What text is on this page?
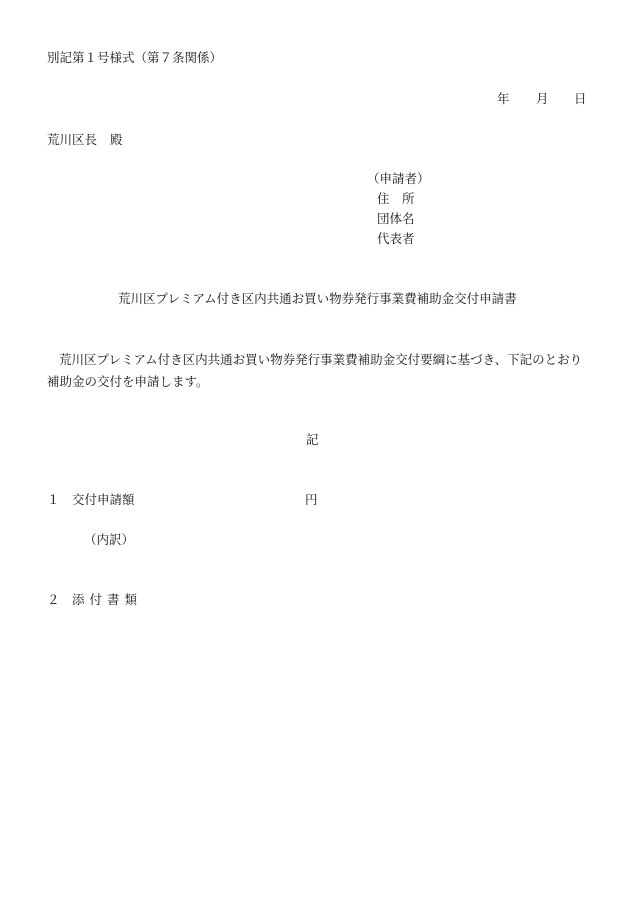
別記第１号様式（第７条関係）
年	月	日
荒川区長 殿
（申請者）
住　所
団体名
代表者
荒川区プレミアム付き区内共通お買い物券発行事業費補助金交付申請書
荒川区プレミアム付き区内共通お買い物券発行事業費補助金交付要綱に基づき、下記のとおり補助金の交付を申請します。
記
１ 交付申請額	円
（内訳）
２ 添付書類
